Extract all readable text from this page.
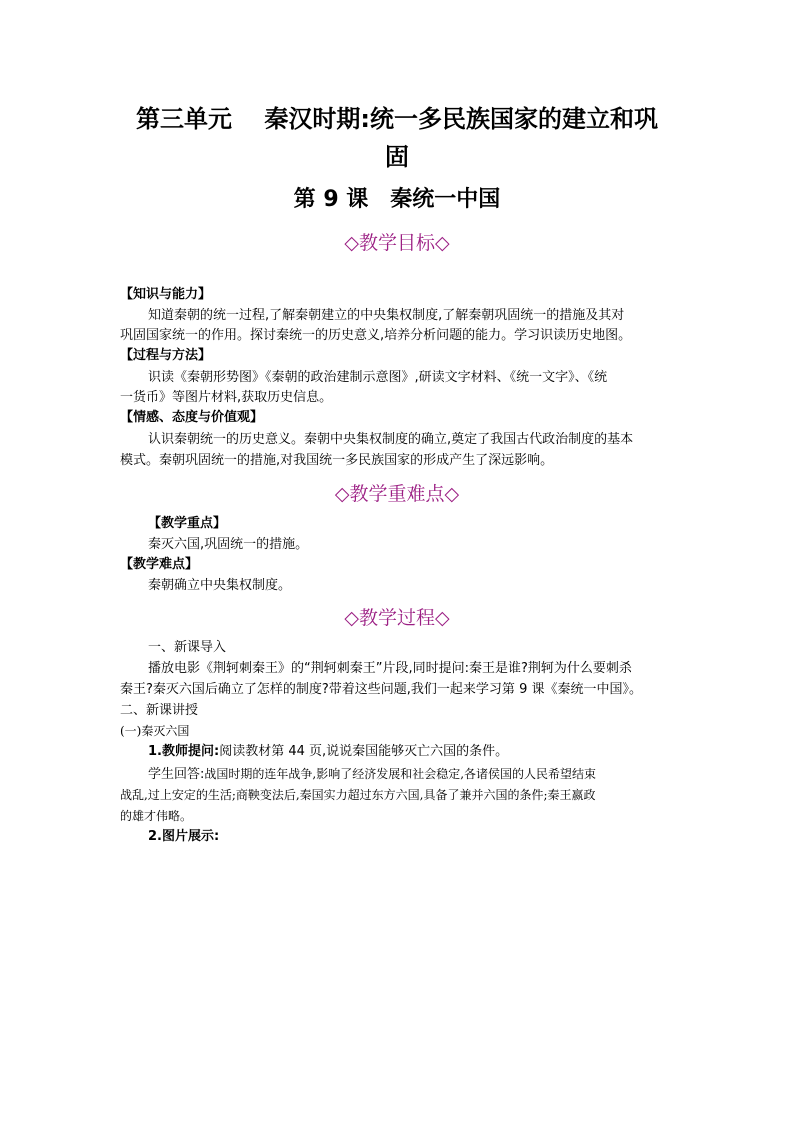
第三单元　 秦汉时期:统一多民族国家的建立和巩
固
第 9 课　秦统一中国
◇教学目标◇
【知识与能力】
知道秦朝的统一过程,了解秦朝建立的中央集权制度,了解秦朝巩固统一的措施及其对
巩固国家统一的作用。探讨秦统一的历史意义,培养分析问题的能力。学习识读历史地图。
【过程与方法】
识读《秦朝形势图》《秦朝的政治建制示意图》,研读文字材料、《统一文字》、《统
一货币》等图片材料,获取历史信息。
【情感、态度与价值观】
认识秦朝统一的历史意义。秦朝中央集权制度的确立,奠定了我国古代政治制度的基本
模式。秦朝巩固统一的措施,对我国统一多民族国家的形成产生了深远影响。
◇教学重难点◇
【教学重点】
秦灭六国,巩固统一的措施。
【教学难点】
秦朝确立中央集权制度。
◇教学过程◇
一、新课导入
播放电影《荆轲刺秦王》的“荆轲刺秦王”片段,同时提问:秦王是谁?荆轲为什么要刺杀
秦王?秦灭六国后确立了怎样的制度?带着这些问题,我们一起来学习第 9 课《秦统一中国》。
二、新课讲授
(一)秦灭六国
1.教师提问:阅读教材第 44 页,说说秦国能够灭亡六国的条件。
学生回答:战国时期的连年战争,影响了经济发展和社会稳定,各诸侯国的人民希望结束
战乱,过上安定的生活;商鞅变法后,秦国实力超过东方六国,具备了兼并六国的条件;秦王嬴政
的雄才伟略。
2.图片展示:
